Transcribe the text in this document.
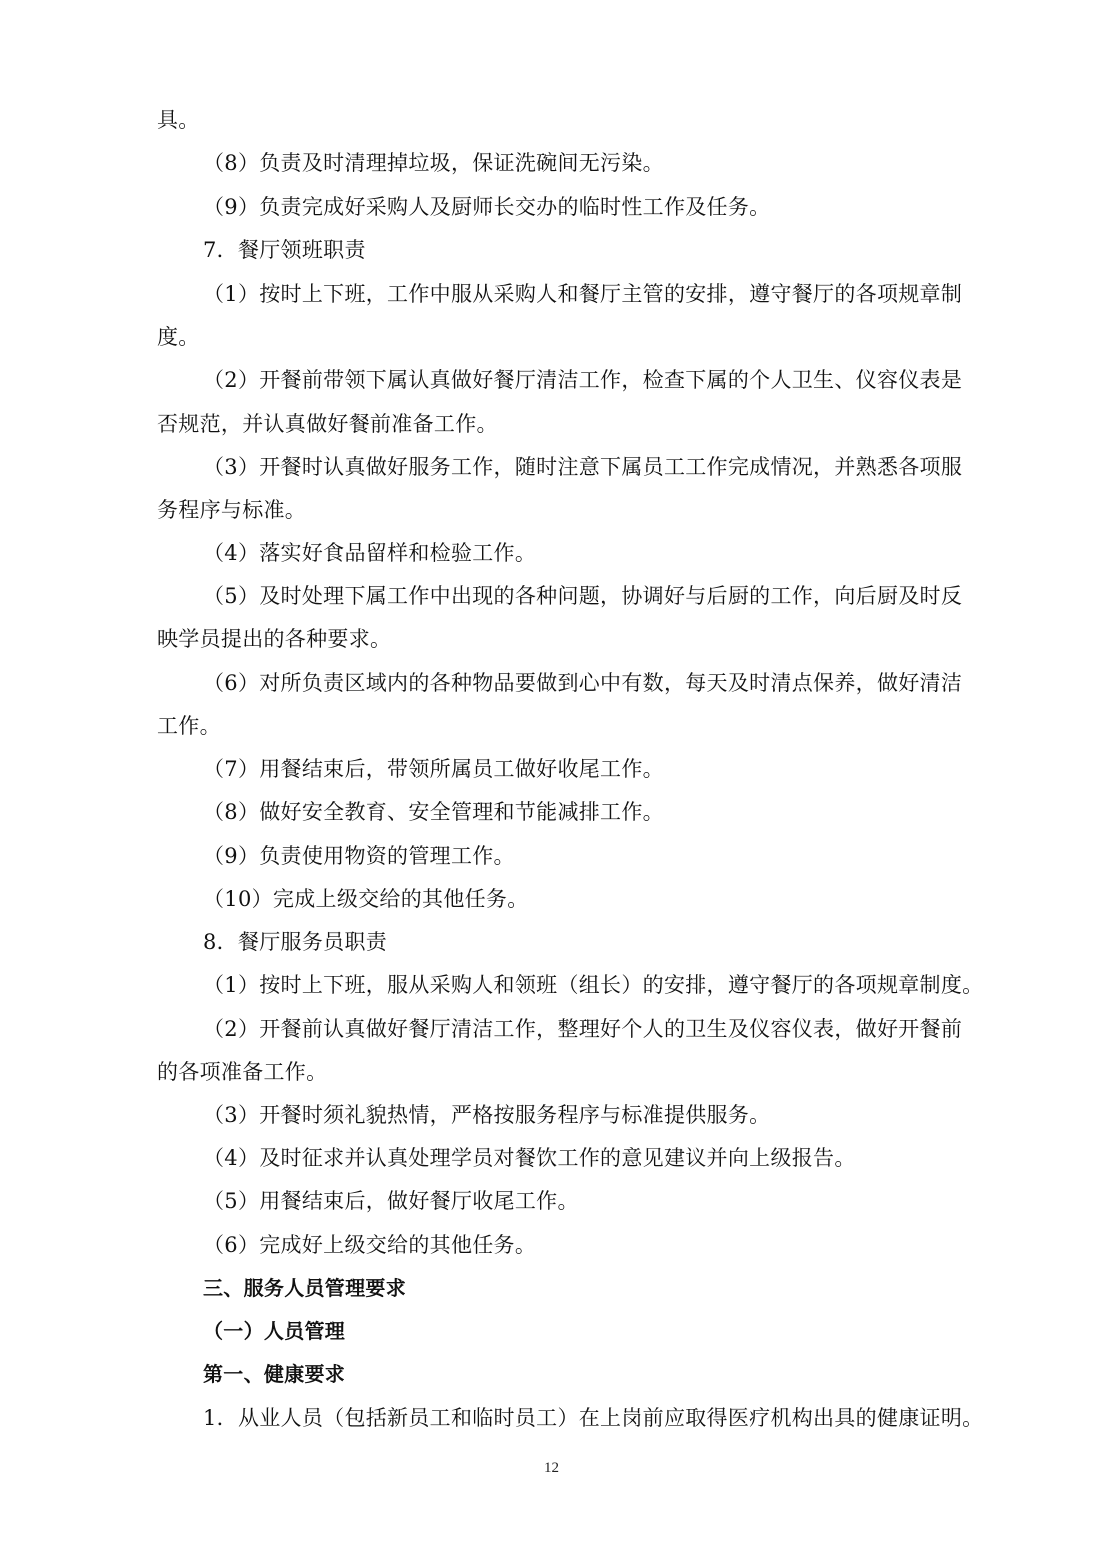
具。
（8）负责及时清理掉垃圾，保证洗碗间无污染。
（9）负责完成好采购人及厨师长交办的临时性工作及任务。
7．餐厅领班职责
（1）按时上下班，工作中服从采购人和餐厅主管的安排，遵守餐厅的各项规章制
度。
（2）开餐前带领下属认真做好餐厅清洁工作，检查下属的个人卫生、仪容仪表是
否规范，并认真做好餐前准备工作。
（3）开餐时认真做好服务工作，随时注意下属员工工作完成情况，并熟悉各项服
务程序与标准。
（4）落实好食品留样和检验工作。
（5）及时处理下属工作中出现的各种问题，协调好与后厨的工作，向后厨及时反
映学员提出的各种要求。
（6）对所负责区域内的各种物品要做到心中有数，每天及时清点保养，做好清洁
工作。
（7）用餐结束后，带领所属员工做好收尾工作。
（8）做好安全教育、安全管理和节能减排工作。
（9）负责使用物资的管理工作。
（10）完成上级交给的其他任务。
8．餐厅服务员职责
（1）按时上下班，服从采购人和领班（组长）的安排，遵守餐厅的各项规章制度。
（2）开餐前认真做好餐厅清洁工作，整理好个人的卫生及仪容仪表，做好开餐前
的各项准备工作。
（3）开餐时须礼貌热情，严格按服务程序与标准提供服务。
（4）及时征求并认真处理学员对餐饮工作的意见建议并向上级报告。
（5）用餐结束后，做好餐厅收尾工作。
（6）完成好上级交给的其他任务。
三、服务人员管理要求
（一）人员管理
第一、健康要求
1．从业人员（包括新员工和临时员工）在上岗前应取得医疗机构出具的健康证明。
12
